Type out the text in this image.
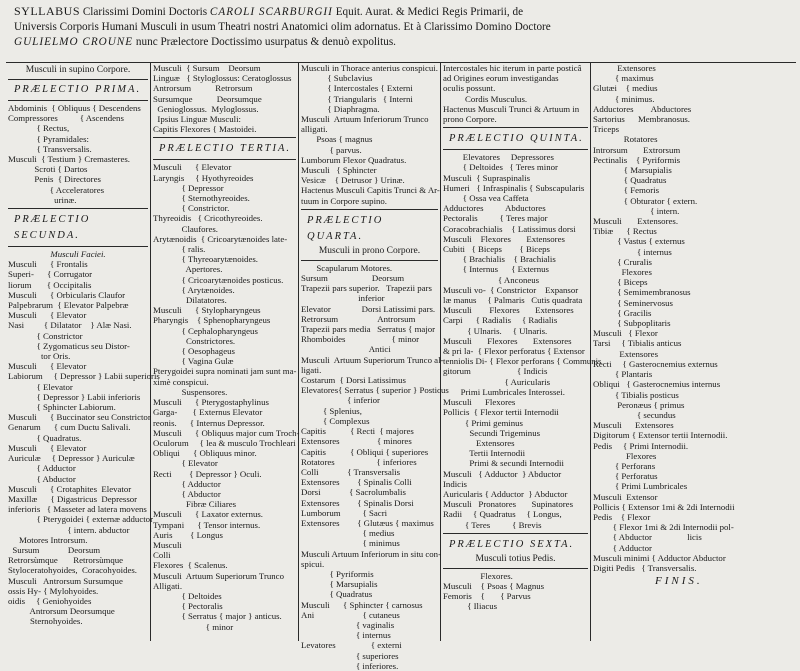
SYLLABUS Clarissimi Domini Doctoris CAROLI SCARBURGII Equit. Aurat. & Medici Regis Primarii, de
Universis Corporis Humani Musculi in usum Theatri nostri Anatomici olim adornatus. Et à Clarissimo Domino Doctore
GULIELMO CROUNE nunc Prælectore Doctissimo usurpatus & denuò expolitus.
Musculi in supino Corpore.
PRÆLECTIO PRIMA.
Abdominis  { Obliquus { Descendens
Compressores          { Ascendens
{ Rectus,
{ Pyramidales:
{ Transversalis.
Musculi  { Testium } Cremasteres.
Scroti { Dartos
Penis  { Directores
{ Acceleratores
urinæ.
PRÆLECTIO SECUNDA.
Musculi Faciei.
Musculi      { Frontalis
Superi-      { Corrugator
liorum       { Occipitalis
Musculi      { Orbicularis Claufor
Palpebrarum  { Elevator Palpebræ
Musculi      { Elevator
Nasi         { Dilatator    } Alæ Nasi.
{ Constrictor
{ Zygomaticus seu Distor-
tor Oris.
Musculi      { Elevator
Labiorum     { Depressor } Labii superioris
{ Elevator
{ Depressor } Labii inferioris
{ Sphincter Labiorum.
Musculi      { Buccinator seu Constrictor
Genarum      { cum Ductu Salivali.
{ Quadratus.
Musculi      { Elevator
Auriculæ     { Depressor } Auriculæ
{ Adductor
{ Abductor
Musculi      { Crotaphites  Elevator
Maxillæ      { Digastricus  Depressor
inferioris   { Masseter ad latera movens
{ Pterygoidei { externæ adductor
{ intern. abductor
Motores Introrsum.
Sursum             Deorsum
Retrorsùmque       Retrorsùmque
Styloceratohyoides,  Coracohyoides.
Musculi   Antrorsum Sursumque
ossis Hy- { Mylohyoides.
oidis     { Geniohyoides
Antrorsum Deorsumque
Sternohyoides.
Musculi  { Sursum    Deorsum
Linguæ   { Styloglossus: Ceratoglossus
Antrorsum           Retrorsum
Sursumque           Deorsumque
Genioglossus.  Myloglossus.
Ipsius Linguæ Musculi:
Capitis Flexores { Mastoidei.
PRÆLECTIO TERTIA.
Musculi      { Elevator
Laryngis     { Hyothyreoides
{ Depressor
{ Sternothyreoides.
{ Constrictor.
Thyreoidis   { Cricothyreoides.
Claufores.
Arytænoidis  { Cricoarytænoides late-
{ ralis.
{ Thyreoarytænoides.
Apertores.
{ Cricoarytænoides posticus.
{ Arytænoides.
Dilatatores.
Musculi      { Stylopharyngeus
Pharyngis    { Sphenopharyngeus
{ Cephalopharyngeus
Constrictores.
{ Oesophageus
{ Vagina Gulæ
Pterygoidei supra nominati jam sunt ma-
ximè conspicui.
Suspensores.
Musculi      { Pterygostaphylinus
Garga-       { Externus Elevator
reonis.      { Internus Depressor.
Musculi      { Obliquus major cum Troch-
Oculorum     { lea & musculo Trochleari
Obliqui      { Obliquus minor.
{ Elevator
Recti        { Depressor } Oculi.
{ Adductor
{ Abductor
Fibræ Ciliares
Musculi      { Laxator externus.
Tympani      { Tensor internus.
Auris        { Longus
Musculi
Colli
Flexores  { Scalenus.
Musculi  Artuum Superiorum Trunco
Alligati.
{ Deltoides
{ Pectoralis
{ Serratus { major } anticus.
{ minor
Musculi in Thorace anterius conspicui.
{ Subclavius
{ Intercostales { Externi
{ Triangularis   { Interni
{ Diaphragma.
Musculi  Artuum Inferiorum Trunco
alligati.
Psoas { magnus
{ parvus.
Lumborum Flexor Quadratus.
Musculi   { Sphincter
Vesicæ    { Detrusor } Urinæ.
Hactenus Musculi Capitis Trunci & Ar-
tuum in Corpore supino.
PRÆLECTIO QUARTA.
Musculi in prono Corpore.
Scapularum Motores.
Sursum                    Deorsum
Trapezii pars superior.   Trapezii pars
inferior
Elevator              Dorsi Latissimi pars.
Retrorsum                  Antrorsum
Trapezii pars media   Serratus { major
Rhomboides                     { minor
Antici
Musculi  Artuum Superiorum Trunco al-
ligati.
Costarum  { Dorsi Latissimus
Elevatores{ Serratus { superior } Posticus
{ inferior
{ Splenius,
{ Complexus
Capitis           { Recti  { majores
Extensores                 { minores
Capitis           { Obliqui { superiores
Rotatores                   { inferiores
Colli             { Transversalis
Extensores        { Spinalis Colli
Dorsi             { Sacrolumbalis
Extensores        { Spinalis Dorsi
Lumborum          { Sacri
Extensores        { Glutæus { maximus
{ medius
{ minimus
Musculi Artuum Inferiorum in situ con-
spicui.
{ Pyriformis
{ Marsupialis
{ Quadratus
Musculi      { Sphincter { carnosus
Ani                      { cutaneus
{ vaginalis
{ internus
Levatores                { externi
{ superiores
{ inferiores.
Intercostales hic iterum in parte posticâ
ad Origines eorum investigandas
oculis possunt.
Cordis Musculus.
Hactenus Musculi Trunci & Artuum in
prono Corpore.
PRÆLECTIO QUINTA.
Elevatores     Depressores
{ Deltoides   { Teres minor
Musculi  { Supraspinalis
Humeri   { Infraspinalis { Subscapularis
{ Ossa vea Caffeta
Adductores          Abductores
Pectoralis          { Teres major
Coracobrachialis    { Latissimus dorsi
Musculi    Flexores       Extensores
Cubiti   { Biceps        { Biceps
{ Brachialis    { Brachialis
{ Internus      { Externus
{ Anconeus
Musculi vo-  { Constrictor    Expansor
læ manus     { Palmaris   Cutis quadrata
Musculi        Flexores       Extensores
Carpi      { Radialis     { Radialis
{ Ulnaris.     { Ulnaris.
Musculi       Flexores       Extensores
& pri la-  { Flexor perforatus { Extensor
tenniolis Di- { Flexor perforans { Communis
gitorum                     { Indicis
{ Auricularis
Primi Lumbricales Interossei.
Musculi      Flexores
Pollicis  { Flexor tertii Internodii
{ Primi geminus
Secundi Trigeminus
Extensores
Tertii Internodii
Primi & secundi Internodii
Musculi   { Adductor  } Abductor
Indicis
Auricularis { Adductor  } Abductor
Musculi   Pronatores       Supinatores
Radii     { Quadratus     { Longus,
{ Teres          { Brevis
PRÆLECTIO SEXTA.
Musculi totius Pedis.
Flexores.
Musculi    { Psoas { Magnus
Femoris    {       { Parvus
{ Iliacus
Extensores
{ maximus
Glutæi    { medius
{ minimus.
Adductores        Abductores
Sartorius      Membranosus.
Triceps
Rotatores
Introrsum       Extrorsum
Pectinalis    { Pyriformis
{ Marsupialis
{ Quadratus
{ Femoris
{ Obturator { extern.
{ intern.
Musculi       Extensores.
Tibiæ      { Rectus
{ Vastus { externus
{ internus
{ Cruralis
Flexores
{ Biceps
{ Semimembranosus
{ Seminervosus
{ Gracilis
{ Subpoplitaris
Musculi   { Flexor
Tarsi     { Tibialis anticus
Extensores
Recti     { Gasterocnemius externus
{ Plantaris
Obliqui   { Gasterocnemius internus
{ Tibialis posticus
Peronæus { primus
{ secundus
Musculi      Extensores
Digitorum { Extensor tertii Internodii.
Pedis     { Primi Internodii.
Flexores
{ Perforans
{ Perforatus
{ Primi Lumbricales
Musculi  Extensor
Pollicis { Extensor 1mi & 2di Internodii
Pedis    { Flexor
{ Flexor 1mi & 2di Internodii pol-
{ Abductor                licis
{ Adductor
Musculi minimi { Adductor Abductor
Digiti Pedis   { Transversalis.
FINIS.
